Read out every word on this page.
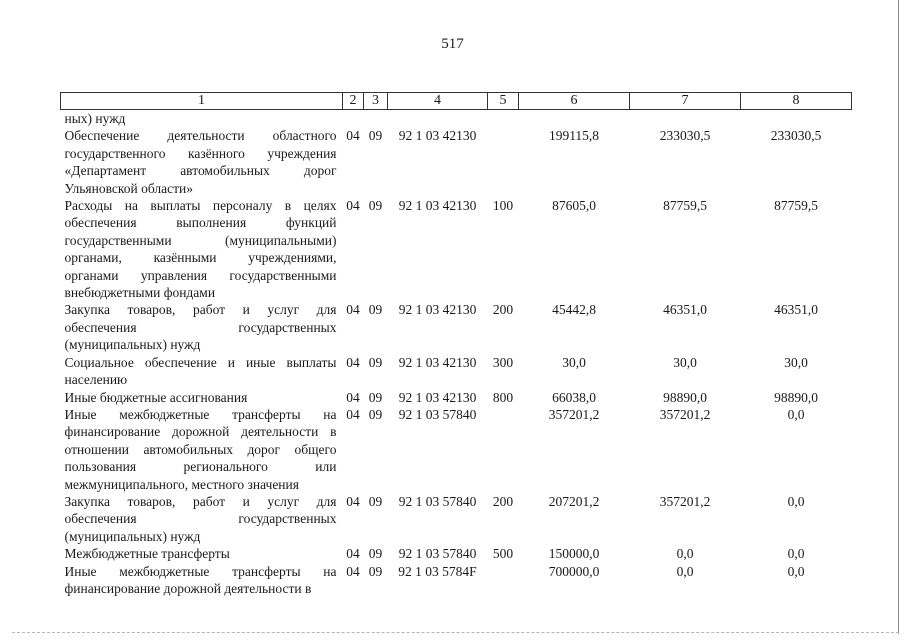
517
1	2	3	4	5	6	7	8
ных) нужд							
Обеспечение деятельности областного государственного казённого учреждения «Департамент автомобильных дорог Ульяновской области»	04	09	92 1 03 42130		199115,8	233030,5	233030,5
Расходы на выплаты персоналу в целях обеспечения выполнения функций государственными (муниципальными) органами, казёнными учреждениями, органами управления государственными внебюджетными фондами	04	09	92 1 03 42130	100	87605,0	87759,5	87759,5
Закупка товаров, работ и услуг для обеспечения государственных (муниципальных) нужд	04	09	92 1 03 42130	200	45442,8	46351,0	46351,0
Социальное обеспечение и иные выплаты населению	04	09	92 1 03 42130	300	30,0	30,0	30,0
Иные бюджетные ассигнования	04	09	92 1 03 42130	800	66038,0	98890,0	98890,0
Иные межбюджетные трансферты на финансирование дорожной деятельности в отношении автомобильных дорог общего пользования регионального или межмуниципального, местного значения	04	09	92 1 03 57840		357201,2	357201,2	0,0
Закупка товаров, работ и услуг для обеспечения государственных (муниципальных) нужд	04	09	92 1 03 57840	200	207201,2	357201,2	0,0
Межбюджетные трансферты	04	09	92 1 03 57840	500	150000,0	0,0	0,0
Иные межбюджетные трансферты на финансирование дорожной деятельности в	04	09	92 1 03 5784F		700000,0	0,0	0,0
